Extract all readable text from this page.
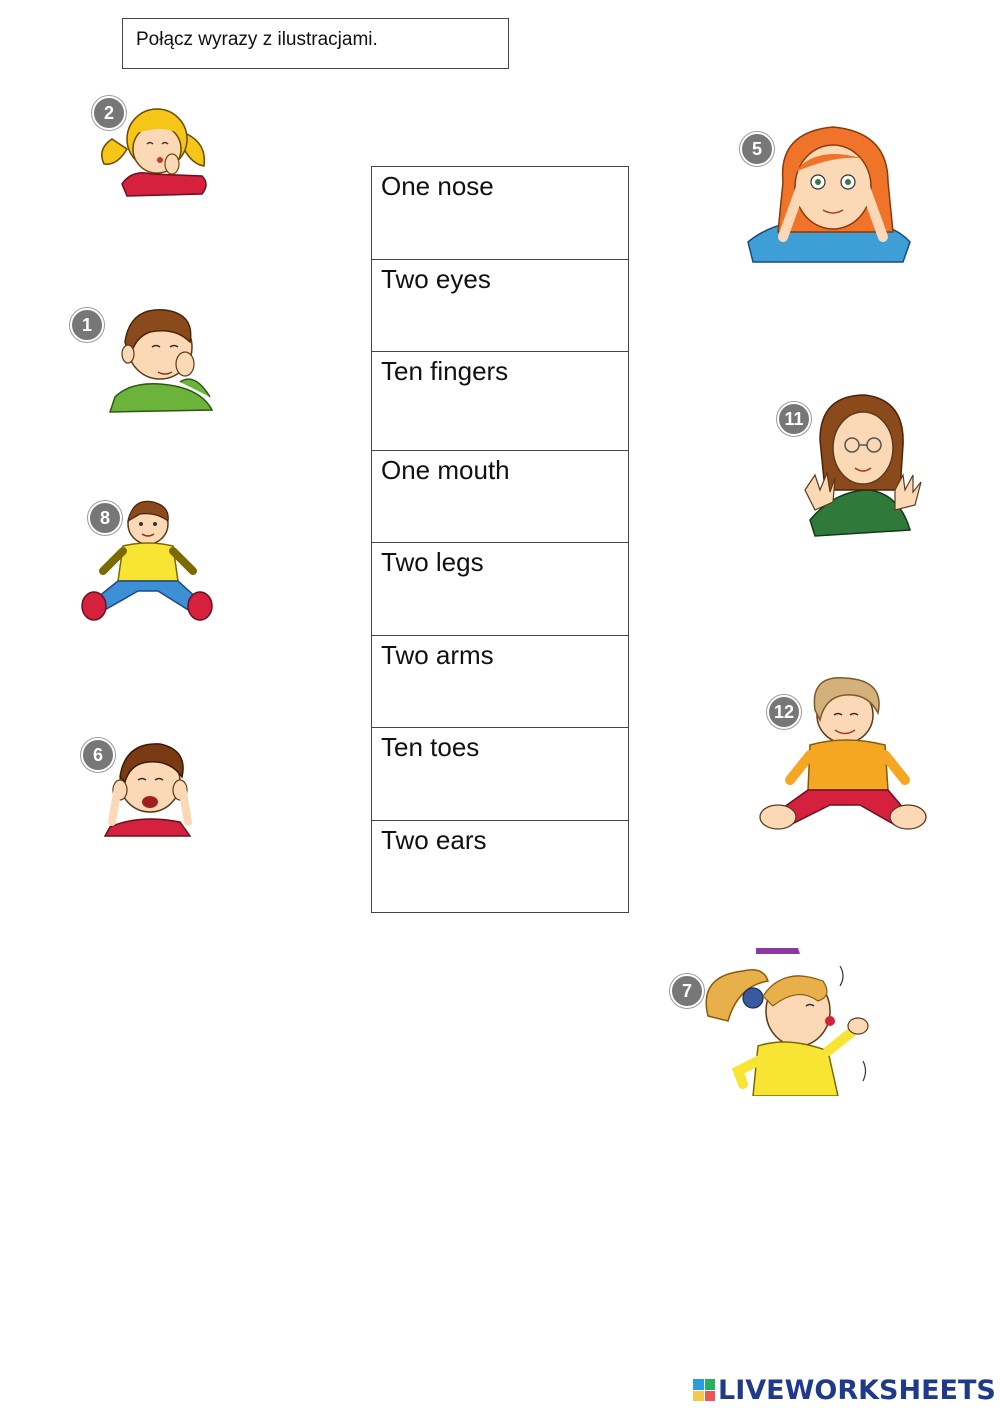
Połącz wyrazy z ilustracjami.
One nose
Two eyes
Ten fingers
One mouth
Two legs
Two arms
Ten toes
Two ears
2
1
8
6
5
11
12
7
LIVEWORKSHEETS
